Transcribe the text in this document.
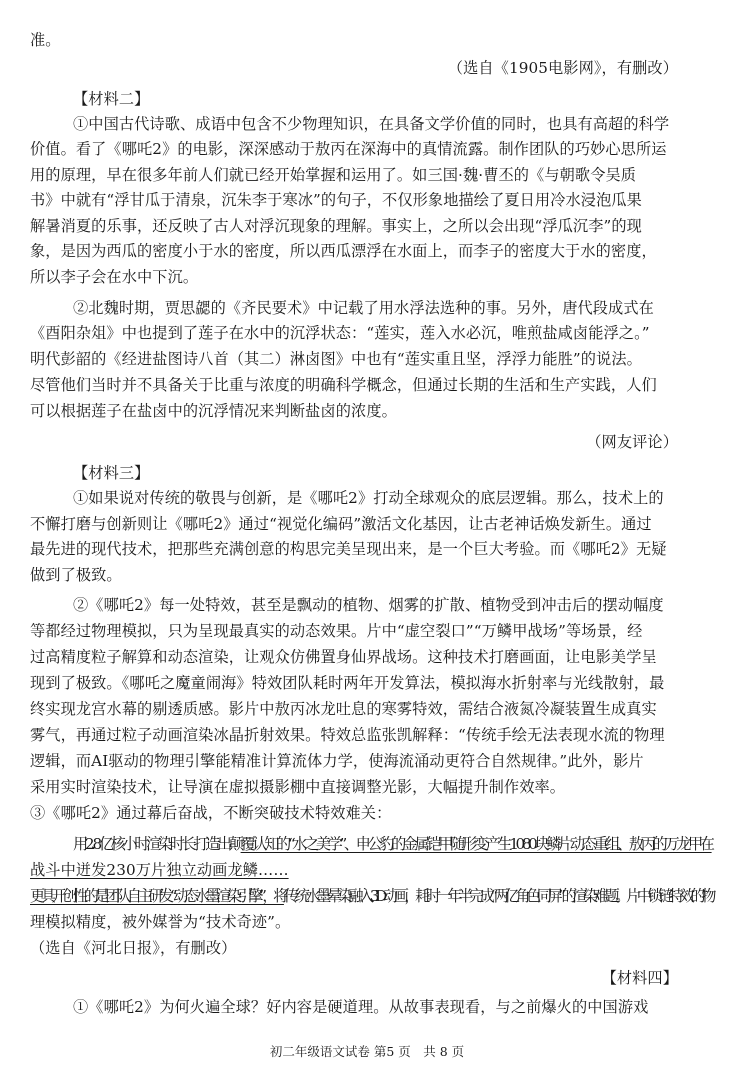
准。
（选自《1905电影网》，有删改）
【材料二】
①中国古代诗歌、成语中包含不少物理知识，在具备文学价值的同时，也具有高超的科学
价值。看了《哪吒2》的电影，深深感动于敖丙在深海中的真情流露。制作团队的巧妙心思所运
用的原理，早在很多年前人们就已经开始掌握和运用了。如三国·魏·曹丕的《与朝歌令吴质
书》中就有“浮甘瓜于清泉，沉朱李于寒冰”的句子，不仅形象地描绘了夏日用冷水浸泡瓜果
解暑消夏的乐事，还反映了古人对浮沉现象的理解。事实上，之所以会出现“浮瓜沉李”的现
象，是因为西瓜的密度小于水的密度，所以西瓜漂浮在水面上，而李子的密度大于水的密度，
所以李子会在水中下沉。
②北魏时期，贾思勰的《齐民要术》中记载了用水浮法选种的事。另外，唐代段成式在
《酉阳杂俎》中也提到了莲子在水中的沉浮状态：“莲实，莲入水必沉，唯煎盐咸卤能浮之。”
明代彭韶的《经进盐图诗八首（其二）淋卤图》中也有“莲实重且坚，浮浮力能胜”的说法。
尽管他们当时并不具备关于比重与浓度的明确科学概念，但通过长期的生活和生产实践，人们
可以根据莲子在盐卤中的沉浮情况来判断盐卤的浓度。
（网友评论）
【材料三】
①如果说对传统的敬畏与创新，是《哪吒2》打动全球观众的底层逻辑。那么，技术上的
不懈打磨与创新则让《哪吒2》通过“视觉化编码”激活文化基因，让古老神话焕发新生。通过
最先进的现代技术，把那些充满创意的构思完美呈现出来，是一个巨大考验。而《哪吒2》无疑
做到了极致。
②《哪吒2》每一处特效，甚至是飘动的植物、烟雾的扩散、植物受到冲击后的摆动幅度
等都经过物理模拟，只为呈现最真实的动态效果。片中“虚空裂口”“万鳞甲战场”等场景，经
过高精度粒子解算和动态渲染，让观众仿佛置身仙界战场。这种技术打磨画面，让电影美学呈
现到了极致。《哪吒之魔童闹海》特效团队耗时两年开发算法，模拟海水折射率与光线散射，最
终实现龙宫水幕的剔透质感。影片中敖丙冰龙吐息的寒雾特效，需结合液氮冷凝装置生成真实
雾气，再通过粒子动画渲染冰晶折射效果。特效总监张凯解释：“传统手绘无法表现水流的物理
逻辑，而AI驱动的物理引擎能精准计算流体力学，使海流涌动更符合自然规律。”此外，影片
采用实时渲染技术，让导演在虚拟摄影棚中直接调整光影，大幅提升制作效率。
③《哪吒2》通过幕后奋战，不断突破技术特效难关：
用2.8亿核小时渲染时长打造出颠覆认知的“水之美学”、申公豹的金属铠甲随形变产生1080块鳞片动态重组、敖丙的万龙甲在
战斗中迸发230万片独立动画龙鳞……
更具开创性的是团队自主研发“动态水墨渲染引擎”，将传统水墨晕染融入3D动画，耗时一年半完成“两亿角色同屏”的渲染难题。片中锁链特效的物
理模拟精度，被外媒誉为“技术奇迹”。
（选自《河北日报》，有删改）
【材料四】
①《哪吒2》为何火遍全球？好内容是硬道理。从故事表现看，与之前爆火的中国游戏
初二年级语文试卷 第5 页　共 8 页
